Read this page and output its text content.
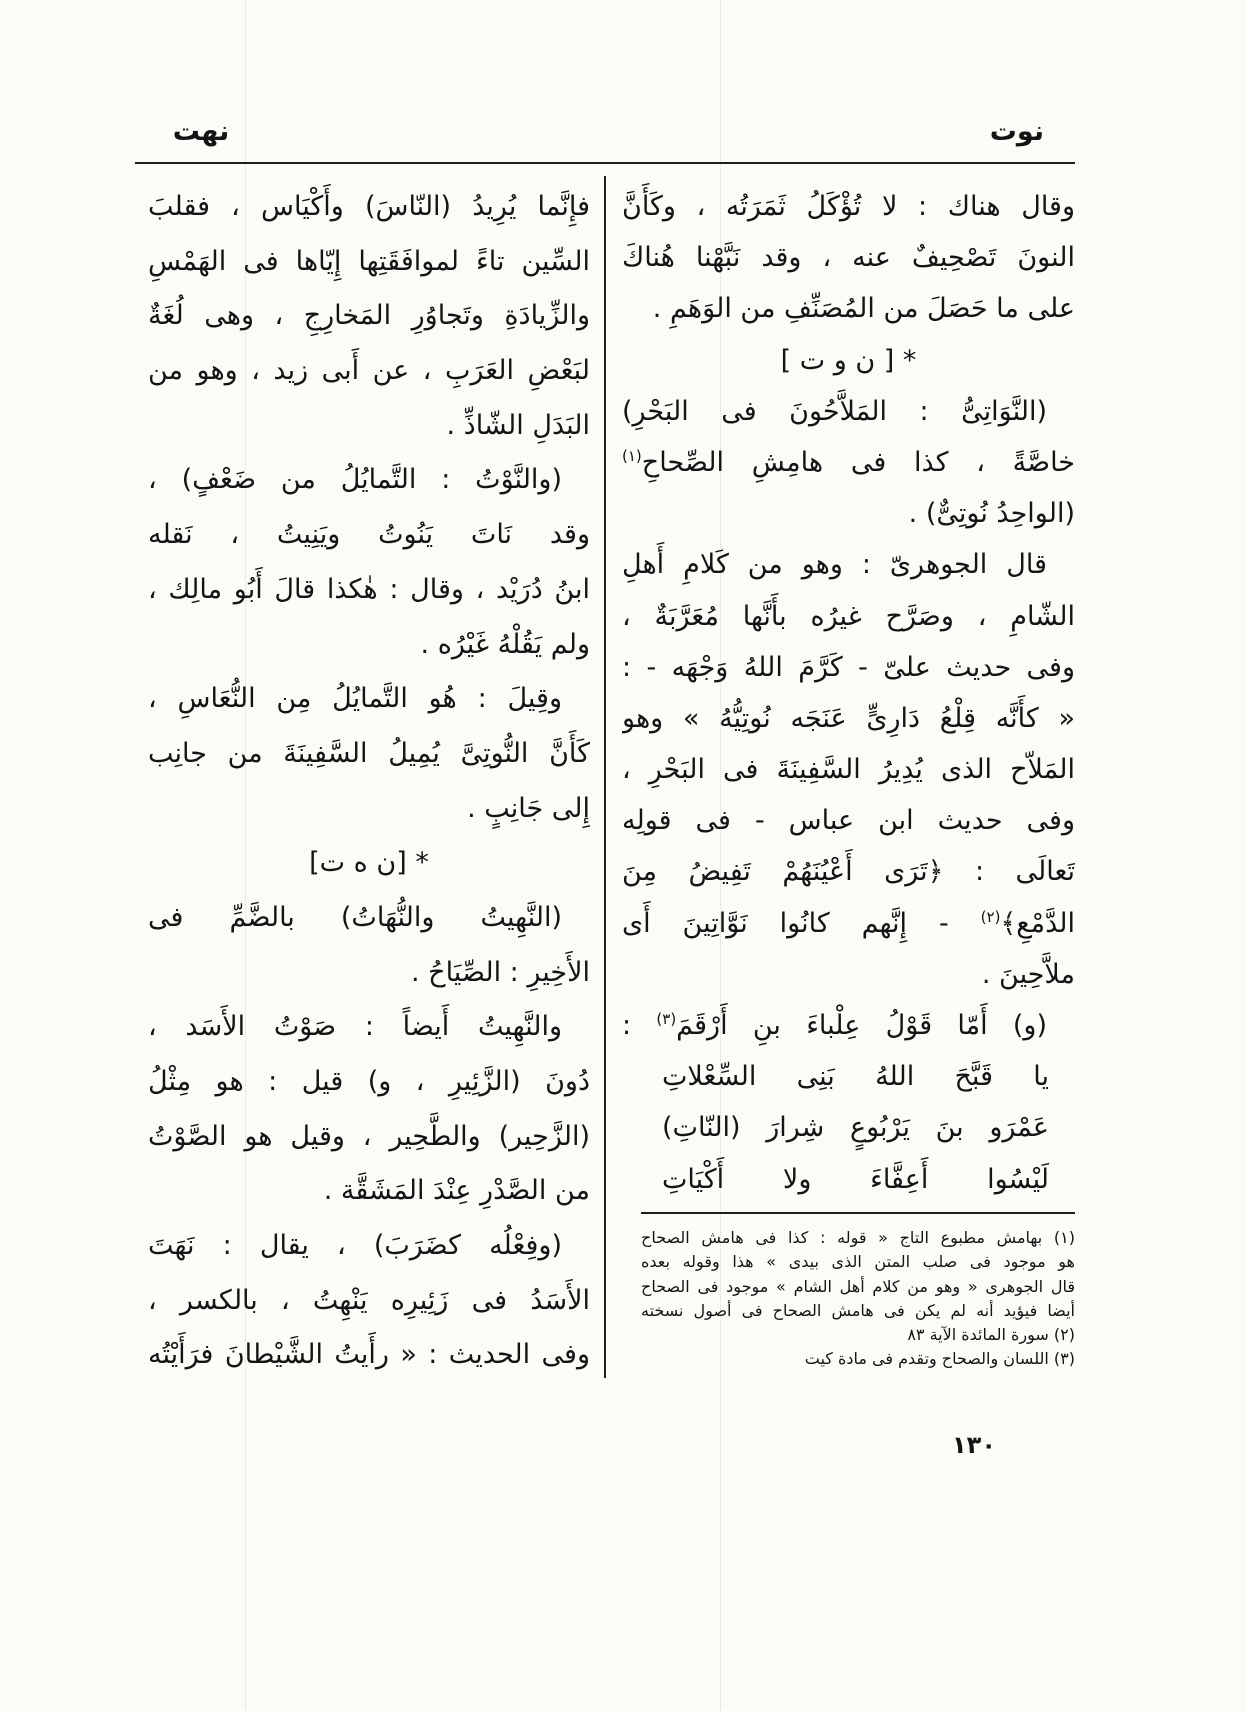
نوت
نهت
وقال هناك : لا تُؤْكَلُ ثَمَرَتُه ، وكَأَنَّ
النونَ تَصْحِيفٌ عنه ، وقد نَبَّهْنا هُناكَ
على ما حَصَلَ من المُصَنِّفِ من الوَهَمِ .
* [ ن و ت ]
(النَّوَاتِىُّ : المَلاَّحُونَ فى البَحْرِ)
خاصَّةً ، كذا فى هامِشِ الصِّحاحِ$^{(١)}$
(الواحِدُ نُوتِىٌّ) .
قال الجوهرىّ : وهو من كَلامِ أَهلِ
الشّامِ ، وصَرَّح غيرُه بأَنَّها مُعَرَّبَةٌ ،
وفى حديث علىّ - كَرَّمَ اللهُ وَجْهَه - :
« كأَنَّه قِلْعُ دَارِىٍّ عَنَجَه نُوتِيُّهُ » وهو
المَلاّح الذى يُدِيرُ السَّفِينَةَ فى البَحْرِ ،
وفى حديث ابن عباس - فى قولِه
تَعالَى : ﴿تَرَى أَعْيُنَهُمْ تَفِيضُ مِنَ
الدَّمْعِ﴾$^{(٢)}$ - إِنَّهم كانُوا نَوَّاتِينَ أَى
ملاَّحِينَ .
(و) أَمّا قَوْلُ عِلْباءَ بنِ أَرْقَمَ$^{(٣)}$ :
يا قَبَّحَ اللهُ بَنِى السِّعْلاتِ
عَمْرَو بنَ يَرْبُوعٍ شِرارَ (النّاتِ)
لَيْسُوا أَعِفَّاءَ ولا أَكْيَاتِ
(١) بهامش مطبوع التاج « قوله : كذا فى هامش الصحاح
هو موجود فى صلب المتن الذى بيدى » هذا وقوله بعده
قال الجوهرى « وهو من كلام أهل الشام » موجود فى الصحاح
أيضا فيؤيد أنه لم يكن فى هامش الصحاح فى أصول نسخته
(٢) سورة المائدة الآية ٨٣
(٣) اللسان والصحاح وتقدم فى مادة كيت
فإِنَّما يُرِيدُ (النّاسَ) وأَكْيَاس ، فقلبَ
السِّين تاءً لموافَقَتِها إِيّاها فى الهَمْسِ
والزِّيادَةِ وتَجاوُرِ المَخارِجِ ، وهى لُغَةٌ
لبَعْضِ العَرَبِ ، عن أَبى زيد ، وهو من
البَدَلِ الشّاذِّ .
(والنَّوْتُ : التَّمايُلُ من ضَعْفٍ) ،
وقد نَاتَ يَنُوتُ ويَنِيتُ ، نَقله
ابنُ دُرَيْد ، وقال : هٰكذا قالَ أَبُو مالِك ،
ولم يَقُلْهُ غَيْرُه .
وقِيلَ : هُو التَّمايُلُ مِن النُّعَاسِ ،
كَأَنَّ النُّوتِىَّ يُمِيلُ السَّفِينَةَ من جانِب
إِلى جَانِبٍ .
* [ن ه ت]
(النَّهِيتُ والنُّهَاتُ) بالضَّمِّ فى
الأَخِيرِ : الصِّيَاحُ .
والنَّهِيتُ أَيضاً : صَوْتُ الأَسَد ،
دُونَ (الزَّئِيرِ ، و) قيل : هو مِثْلُ
(الزَّحِير) والطَّحِير ، وقيل هو الصَّوْتُ
من الصَّدْرِ عِنْدَ المَشَقَّة .
(وفِعْلُه كضَرَبَ) ، يقال : نَهَتَ
الأَسَدُ فى زَئِيرِه يَنْهِتُ ، بالكسر ،
وفى الحديث : « رأَيتُ الشَّيْطانَ فرَأَيْتُه
١٣٠
